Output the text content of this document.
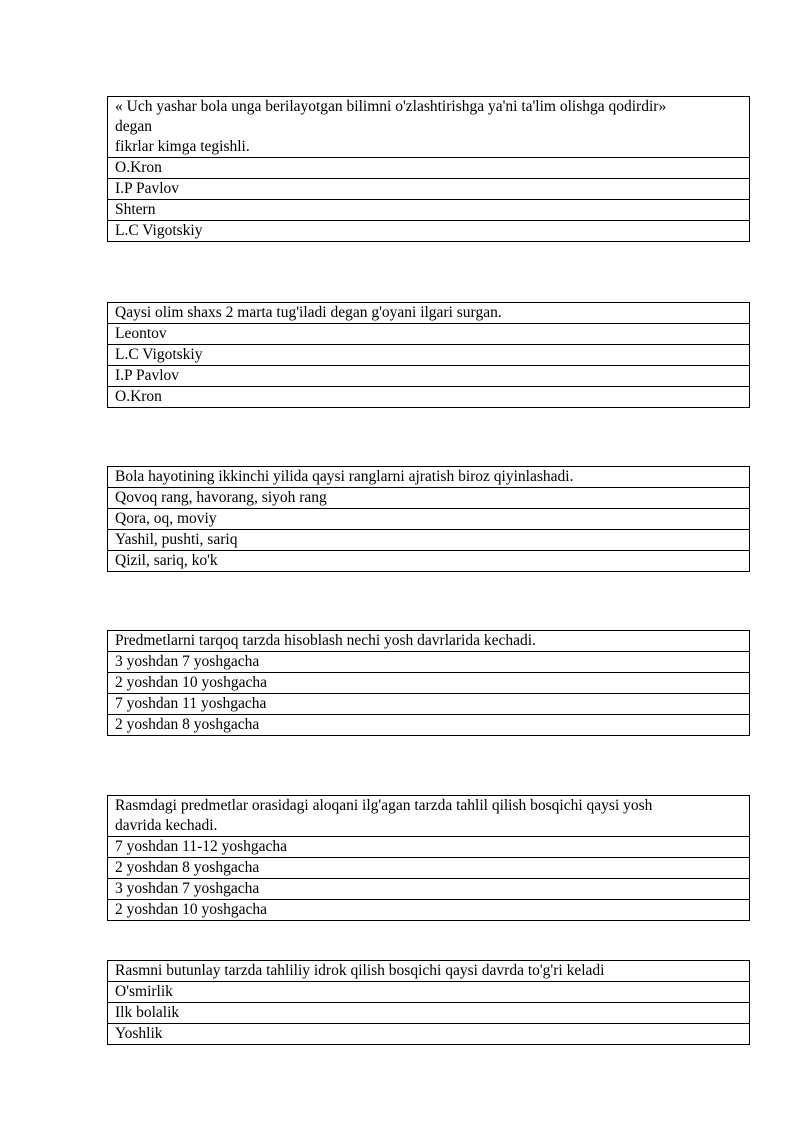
« Uch yashar bola unga berilayotgan bilimni o'zlashtirishga ya'ni ta'lim olishga qodirdir»
degan
fikrlar kimga tegishli.
O.Kron
I.P Pavlov
Shtern
L.C Vigotskiy
Qaysi olim shaxs 2 marta tug'iladi degan g'oyani ilgari surgan.
Leontov
L.C Vigotskiy
I.P Pavlov
O.Kron
Bola hayotining ikkinchi yilida qaysi ranglarni ajratish biroz qiyinlashadi.
Qovoq rang, havorang, siyoh rang
Qora, oq, moviy
Yashil, pushti, sariq
Qizil, sariq, ko'k
Predmetlarni tarqoq tarzda hisoblash nechi yosh davrlarida kechadi.
3 yoshdan 7 yoshgacha
2 yoshdan 10 yoshgacha
7 yoshdan 11 yoshgacha
2 yoshdan 8 yoshgacha
Rasmdagi predmetlar orasidagi aloqani ilg'agan tarzda tahlil qilish bosqichi qaysi yosh
davrida kechadi.
7 yoshdan 11-12 yoshgacha
2 yoshdan 8 yoshgacha
3 yoshdan 7 yoshgacha
2 yoshdan 10 yoshgacha
Rasmni butunlay tarzda tahliliy idrok qilish bosqichi qaysi davrda to'g'ri keladi
O'smirlik
Ilk bolalik
Yoshlik
